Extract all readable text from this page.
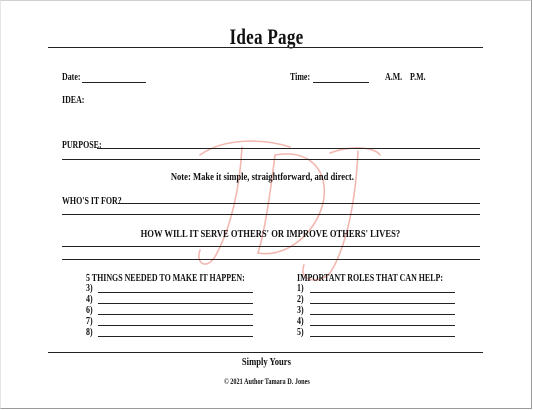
Idea Page
Date:	Time:	A.M. P.M.
IDEA:
PURPOSE:
Note: Make it simple, straightforward, and direct.
WHO'S IT FOR?
HOW WILL IT SERVE OTHERS' OR IMPROVE OTHERS' LIVES?
5 THINGS NEEDED TO MAKE IT HAPPEN:
3)
4)
6)
7)
8)
IMPORTANT ROLES THAT CAN HELP:
1)
2)
3)
4)
5)
Simply Yours
© 2021 Author Tamara D. Jones
